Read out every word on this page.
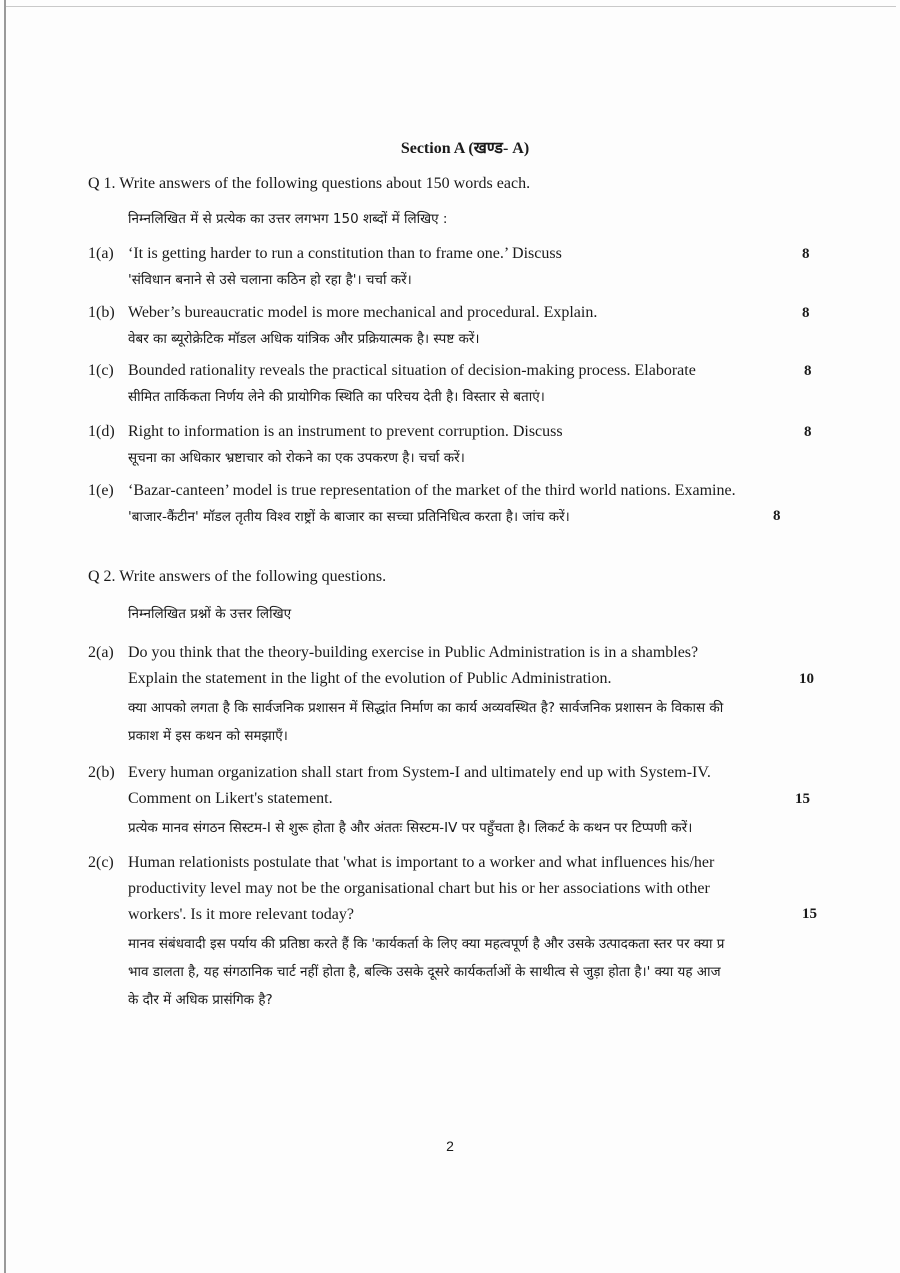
Section A (खण्ड- A)
Q 1. Write answers of the following questions about 150 words each.
निम्नलिखित में से प्रत्येक का उत्तर लगभग 150 शब्दों में लिखिए :
1(a) ‘It is getting harder to run a constitution than to frame one.’ Discuss
'संविधान बनाने से उसे चलाना कठिन हो रहा है'। चर्चा करें।
8
1(b) Weber’s bureaucratic model is more mechanical and procedural. Explain.
वेबर का ब्यूरोक्रेटिक मॉडल अधिक यांत्रिक और प्रक्रियात्मक है। स्पष्ट करें।
8
1(c) Bounded rationality reveals the practical situation of decision-making process. Elaborate
सीमित तार्किकता निर्णय लेने की प्रायोगिक स्थिति का परिचय देती है। विस्तार से बताएं।
8
1(d) Right to information is an instrument to prevent corruption. Discuss
सूचना का अधिकार भ्रष्टाचार को रोकने का एक उपकरण है। चर्चा करें।
8
1(e) ‘Bazar-canteen’ model is true representation of the market of the third world nations. Examine.
'बाजार-कैंटीन' मॉडल तृतीय विश्व राष्ट्रों के बाजार का सच्चा प्रतिनिधित्व करता है। जांच करें।	8
Q 2. Write answers of the following questions.
निम्नलिखित प्रश्नों के उत्तर लिखिए
2(a) Do you think that the theory-building exercise in Public Administration is in a shambles?
Explain the statement in the light of the evolution of Public Administration.
क्या आपको लगता है कि सार्वजनिक प्रशासन में सिद्धांत निर्माण का कार्य अव्यवस्थित है? सार्वजनिक प्रशासन के विकास की
प्रकाश में इस कथन को समझाएँ।
10
2(b) Every human organization shall start from System-I and ultimately end up with System-IV.
Comment on Likert's statement.
प्रत्येक मानव संगठन सिस्टम-I से शुरू होता है और अंततः सिस्टम-IV पर पहुँचता है। लिकर्ट के कथन पर टिप्पणी करें।
15
2(c) Human relationists postulate that 'what is important to a worker and what influences his/her
productivity level may not be the organisational chart but his or her associations with other
workers'. Is it more relevant today?
मानव संबंधवादी इस पर्याय की प्रतिष्ठा करते हैं कि 'कार्यकर्ता के लिए क्या महत्वपूर्ण है और उसके उत्पादकता स्तर पर क्या प्र
भाव डालता है, यह संगठानिक चार्ट नहीं होता है, बल्कि उसके दूसरे कार्यकर्ताओं के साथीत्व से जुड़ा होता है।' क्या यह आज
के दौर में अधिक प्रासंगिक है?
15
2
